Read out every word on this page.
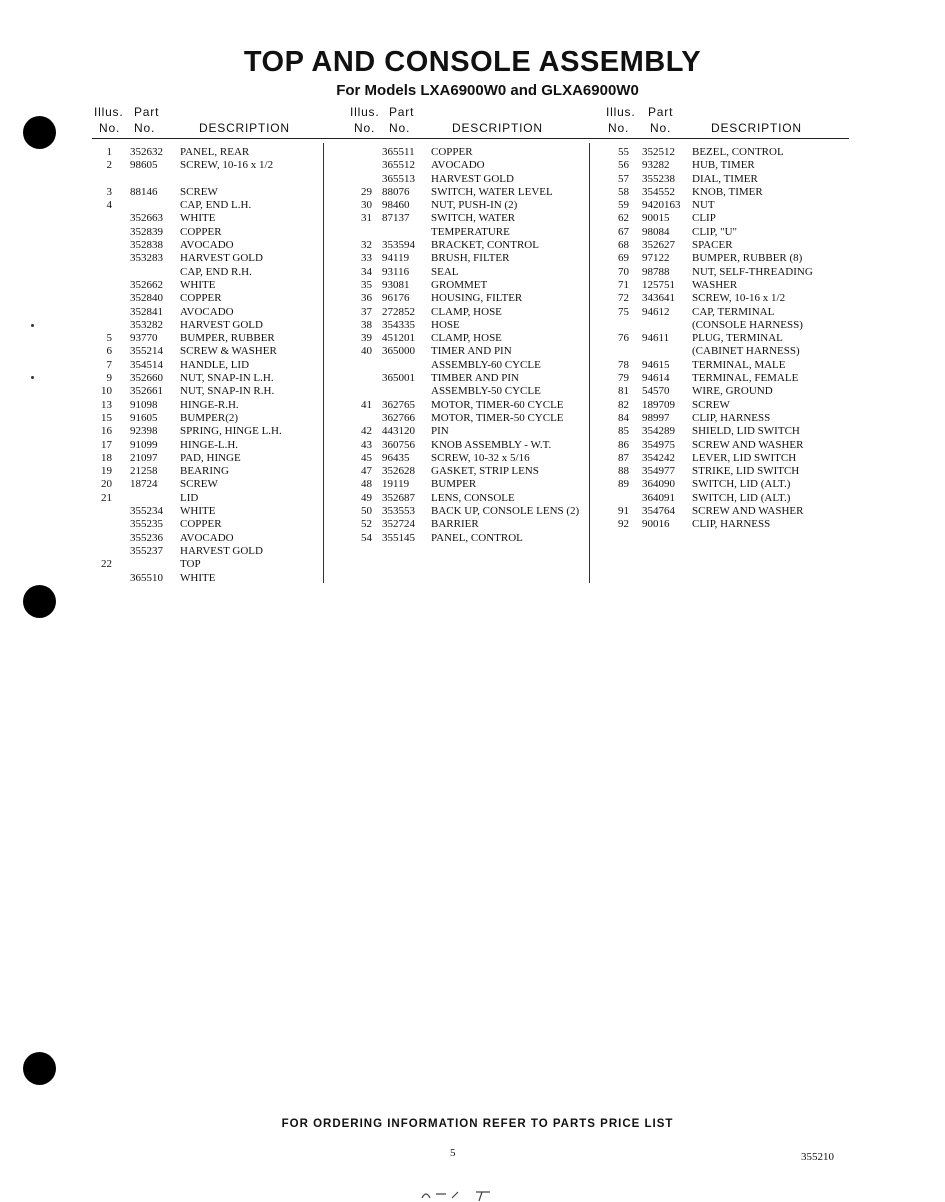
TOP AND CONSOLE ASSEMBLY
For Models LXA6900W0 and GLXA6900W0
Illus. Part
No. No.	DESCRIPTION
1 352632 PANEL, REAR
2 98605 SCREW, 10-16 x 1/2
3 88146 SCREW
4	CAP, END L.H.
352663 WHITE
352839 COPPER
352838 AVOCADO
353283 HARVEST GOLD
CAP, END R.H.
352662 WHITE
352840 COPPER
352841 AVOCADO
353282 HARVEST GOLD
5 93770 BUMPER, RUBBER
6 355214 SCREW & WASHER
7 354514 HANDLE, LID
9 352660 NUT, SNAP-IN L.H.
10 352661 NUT, SNAP-IN R.H.
13 91098 HINGE-R.H.
15 91605 BUMPER(2)
16 92398 SPRING, HINGE L.H.
17 91099 HINGE-L.H.
18 21097 PAD, HINGE
19 21258 BEARING
20 18724 SCREW
21	LID
355234 WHITE
355235 COPPER
355236 AVOCADO
355237 HARVEST GOLD
22	TOP
365510 WHITE
Illus. Part
No. No.	DESCRIPTION
365511 COPPER
365512 AVOCADO
365513 HARVEST GOLD
29 88076 SWITCH, WATER LEVEL
30 98460 NUT, PUSH-IN (2)
31 87137 SWITCH, WATER
TEMPERATURE
32 353594 BRACKET, CONTROL
33 94119 BRUSH, FILTER
34 93116 SEAL
35 93081 GROMMET
36 96176 HOUSING, FILTER
37 272852 CLAMP, HOSE
38 354335 HOSE
39 451201 CLAMP, HOSE
40 365000 TIMER AND PIN
ASSEMBLY-60 CYCLE
365001 TIMBER AND PIN
ASSEMBLY-50 CYCLE
41 362765 MOTOR, TIMER-60 CYCLE
362766 MOTOR, TIMER-50 CYCLE
42 443120 PIN
43 360756 KNOB ASSEMBLY - W.T.
45 96435 SCREW, 10-32 x 5/16
47 352628 GASKET, STRIP LENS
48 19119 BUMPER
49 352687 LENS, CONSOLE
50 353553 BACK UP, CONSOLE LENS (2)
52 352724 BARRIER
54 355145 PANEL, CONTROL
Illus. Part
No. No.	DESCRIPTION
55 352512 BEZEL, CONTROL
56 93282 HUB, TIMER
57 355238 DIAL, TIMER
58 354552 KNOB, TIMER
59 9420163 NUT
62 90015 CLIP
67 98084 CLIP, "U"
68 352627 SPACER
69 97122 BUMPER, RUBBER (8)
70 98788 NUT, SELF-THREADING
71 125751 WASHER
72 343641 SCREW, 10-16 x 1/2
75 94612 CAP, TERMINAL
(CONSOLE HARNESS)
76 94611 PLUG, TERMINAL
(CABINET HARNESS)
78 94615 TERMINAL, MALE
79 94614 TERMINAL, FEMALE
81 54570 WIRE, GROUND
82 189709 SCREW
84 98997 CLIP, HARNESS
85 354289 SHIELD, LID SWITCH
86 354975 SCREW AND WASHER
87 354242 LEVER, LID SWITCH
88 354977 STRIKE, LID SWITCH
89 364090 SWITCH, LID (ALT.)
364091 SWITCH, LID (ALT.)
91 354764 SCREW AND WASHER
92 90016 CLIP, HARNESS
FOR ORDERING INFORMATION REFER TO PARTS PRICE LIST
5	355210
